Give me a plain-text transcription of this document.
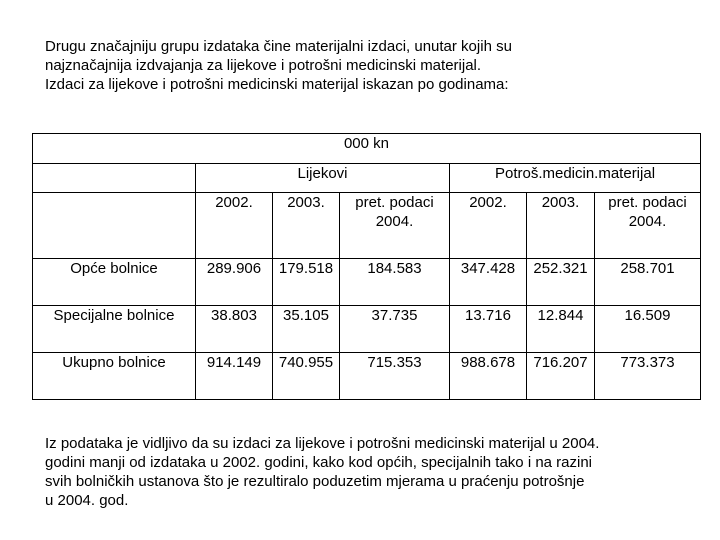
Drugu značajniju grupu izdataka čine materijalni izdaci, unutar kojih su

najznačajnija izdvajanja za lijekove i potrošni medicinski materijal.

Izdaci za lijekove i potrošni medicinski materijal iskazan po godinama:

000 kn						
	Lijekovi			Potroš.medicin.materijal		
	2002.	2003.	pret. podaci 2004.	2002.	2003.	pret. podaci 2004.
Opće bolnice	289.906	179.518	184.583	347.428	252.321	258.701
Specijalne bolnice	38.803	35.105	37.735	13.716	12.844	16.509
Ukupno bolnice	914.149	740.955	715.353	988.678	716.207	773.373

Iz podataka je vidljivo da su izdaci za lijekove i potrošni medicinski materijal u 2004.

godini manji od izdataka u 2002. godini, kako kod općih, specijalnih tako i na razini

svih bolničkih ustanova što je rezultiralo poduzetim mjerama u praćenju potrošnje

u 2004. god.
